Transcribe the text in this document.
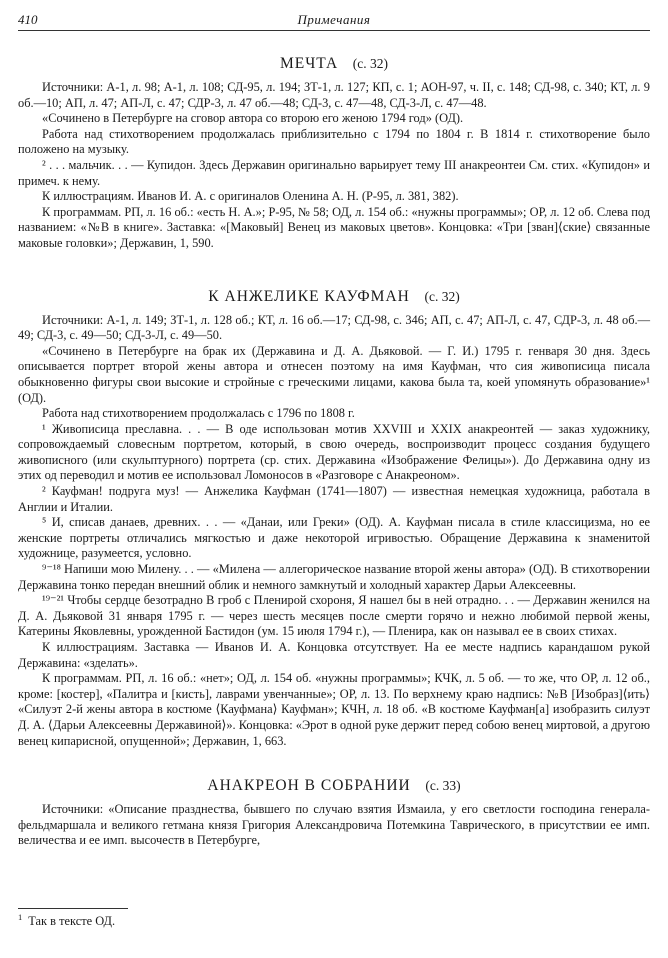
410	Примечания
МЕЧТА (с. 32)

Источники: А-1, л. 98; А-1, л. 108; СД-95, л. 194; ЗТ-1, л. 127; КП, с. 1; АОН-97, ч. II, с. 148; СД-98, с. 340; КТ, л. 9 об.—10; АП, л. 47; АП-Л, с. 47; СДР-3, л. 47 об.—48; СД-3, с. 47—48, СД-3-Л, с. 47—48.

«Сочинено в Петербурге на сговор автора со второю его женою 1794 год» (ОД).

Работа над стихотворением продолжалась приблизительно с 1794 по 1804 г. В 1814 г. стихотворение было положено на музыку.

² . . . мальчик. . . — Купидон. Здесь Державин оригинально варьирует тему III анакреонтеи См. стих. «Купидон» и примеч. к нему.

К иллюстрациям. Иванов И. А. с оригиналов Оленина А. Н. (Р-95, л. 381, 382).

К программам. РП, л. 16 об.: «есть Н. А.»; Р-95, № 58; ОД, л. 154 об.: «нужны программы»; ОР, л. 12 об. Слева под названием: «№В в книге». Заставка: «[Маковый] Венец из маковых цветов». Концовка: «Три [зван]⟨ские⟩ связанные маковые головки»; Державин, 1, 590.

К АНЖЕЛИКЕ КАУФМАН (с. 32)

Источники: А-1, л. 149; ЗТ-1, л. 128 об.; КТ, л. 16 об.—17; СД-98, с. 346; АП, с. 47; АП-Л, с. 47, СДР-3, л. 48 об.—49; СД-3, с. 49—50; СД-3-Л, с. 49—50.

«Сочинено в Петербурге на брак их (Державина и Д. А. Дьяковой. — Г. И.) 1795 г. генваря 30 дня. Здесь описывается портрет второй жены автора и отнесен поэтому на имя Кауфман, что сия живописица писала обыкновенно фигуры свои высокие и стройные с греческими лицами, какова была та, коей упомянуть образование»¹ (ОД).

Работа над стихотворением продолжалась с 1796 по 1808 г.

¹ Живописица преславна. . . — В оде использован мотив XXVIII и XXIX анакреонтей — заказ художнику, сопровождаемый словесным портретом, который, в свою очередь, воспроизводит процесс создания будущего живописного (или скульптурного) портрета (ср. стих. Державина «Изображение Фелицы»). До Державина одну из этих од переводил и мотив ее использовал Ломоносов в «Разговоре с Анакреоном».

² Кауфман! подруга муз! — Анжелика Кауфман (1741—1807) — известная немецкая художница, работала в Англии и Италии.

⁵ И, списав данаев, древних. . . — «Данаи, или Греки» (ОД). А. Кауфман писала в стиле классицизма, но ее женские портреты отличались мягкостью и даже некоторой игривостью. Обращение Державина к знаменитой художнице, разумеется, условно.

⁹⁻¹⁸ Напиши мою Милену. . . — «Милена — аллегорическое название второй жены автора» (ОД). В стихотворении Державина тонко передан внешний облик и немного замкнутый и холодный характер Дарьи Алексеевны.

¹⁹⁻²¹ Чтобы сердце безотрадно В гроб с Пленирой схороня, Я нашел бы в ней отрадно. . . — Державин женился на Д. А. Дьяковой 31 января 1795 г. — через шесть месяцев после смерти горячо и нежно любимой первой жены, Катерины Яковлевны, урожденной Бастидон (ум. 15 июля 1794 г.), — Пленира, как он называл ее в своих стихах.

К иллюстрациям. Заставка — Иванов И. А. Концовка отсутствует. На ее месте надпись карандашом рукой Державина: «зделать».

К программам. РП, л. 16 об.: «нет»; ОД, л. 154 об. «нужны программы»; КЧК, л. 5 об. — то же, что ОР, л. 12 об., кроме: [костер], «Палитра и [кисть], лаврами увенчанные»; ОР, л. 13. По верхнему краю надпись: №В [Изобраз]⟨ить⟩ «Силуэт 2-й жены автора в костюме ⟨Кауфмана⟩ Кауфман»; КЧН, л. 18 об. «В костюме Кауфман[а] изобразить силуэт Д. А. ⟨Дарьи Алексеевны Державиной⟩». Концовка: «Эрот в одной руке держит перед собою венец миртовой, а другою венец кипарисной, опущенной»; Державин, 1, 663.

АНАКРЕОН В СОБРАНИИ (с. 33)

Источники: «Описание празднества, бывшего по случаю взятия Измаила, у его светлости господина генерала-фельдмаршала и великого гетмана князя Григория Александровича Потемкина Таврического, в присутствии ее имп. величества и ее имп. высочеств в Петербурге,

$^1$ Так в тексте ОД.
